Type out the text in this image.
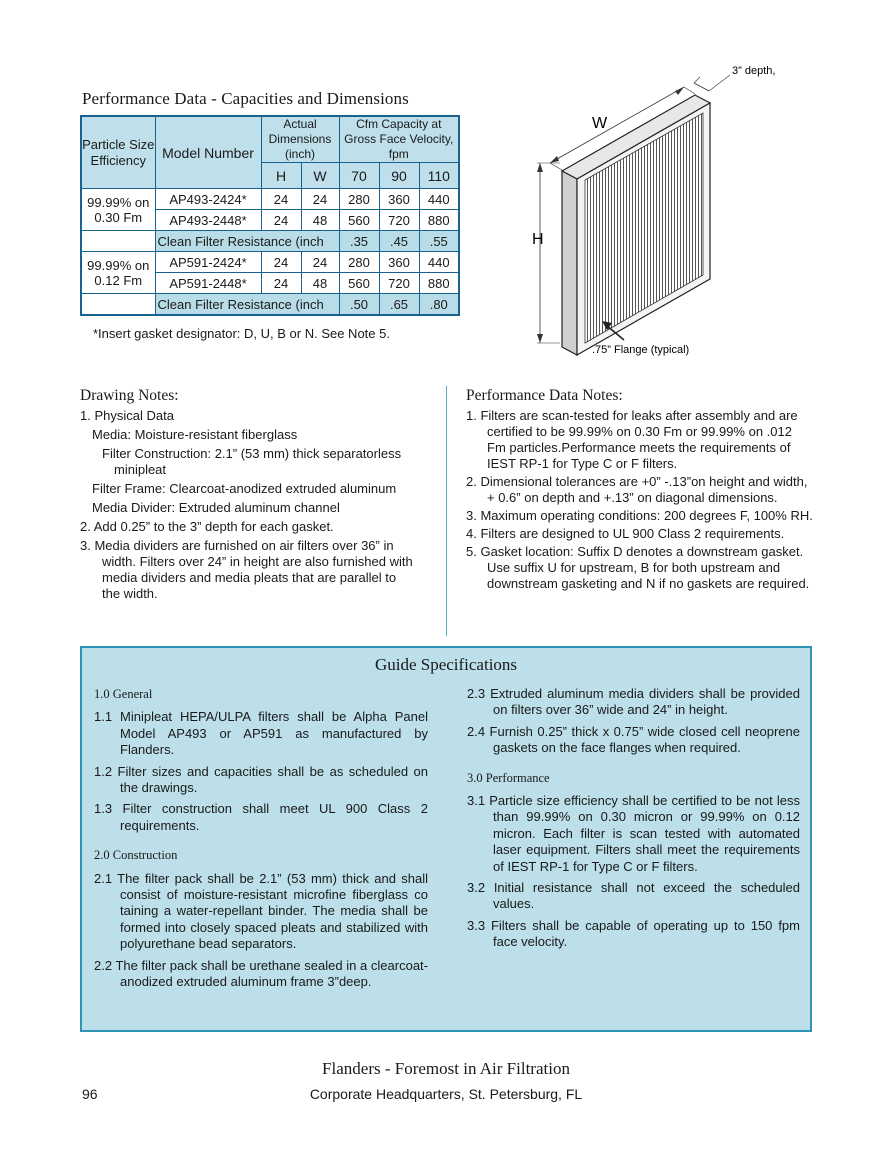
Performance Data - Capacities and Dimensions
Particle Size Efficiency	Model Number	Actual Dimensions (inch)		Cfm Capacity at Gross Face Velocity, fpm		
		H	W	70	90	110
99.99% on 0.30 Fm	AP493-2424*	24	24	280	360	440
	AP493-2448*	24	48	560	720	880
	Clean Filter Resistance (inch			.35	.45	.55
99.99% on 0.12 Fm	AP591-2424*	24	24	280	360	440
	AP591-2448*	24	48	560	720	880
	Clean Filter Resistance (inch			.50	.65	.80
*Insert gasket designator: D, U, B or N. See Note 5.
3” depth,
W
H
.75” Flange (typical)
Drawing Notes:

1. Physical Data

Media: Moisture-resistant fiberglass

Filter Construction: 2.1” (53 mm) thick separatorless minipleat

Filter Frame: Clearcoat-anodized extruded aluminum

Media Divider: Extruded aluminum channel

2. Add 0.25” to the 3” depth for each gasket.

3. Media dividers are furnished on air filters over 36” in width. Filters over 24” in height are also furnished with media dividers and media pleats that are parallel to the width.

Performance Data Notes:

1. Filters are scan-tested for leaks after assembly and are certified to be 99.99% on 0.30 Fm or 99.99% on .012 Fm particles.Performance meets the requirements of IEST RP-1 for Type C or F filters.

2. Dimensional tolerances are +0” -.13”on height and width, + 0.6” on depth and +.13” on diagonal dimensions.

3. Maximum operating conditions: 200 degrees F, 100% RH.

4. Filters are designed to UL 900 Class 2 requirements.

5. Gasket location: Suffix D denotes a downstream gasket. Use suffix U for upstream, B for both upstream and downstream gasketing and N if no gaskets are required.

Guide Specifications
1.0 General

1.1 Minipleat HEPA/ULPA filters shall be Alpha Panel Model AP493 or AP591 as manufactured by Flanders.

1.2 Filter sizes and capacities shall be as scheduled on the drawings.

1.3 Filter construction shall meet UL 900 Class 2 requirements.

2.0 Construction

2.1 The filter pack shall be 2.1” (53 mm) thick and shall consist of moisture-resistant microfine fiberglass co taining a water-repellant binder. The media shall be formed into closely spaced pleats and stabilized with polyurethane bead separators.

2.2 The filter pack shall be urethane sealed in a clearcoat-anodized extruded aluminum frame 3”deep.

2.3 Extruded aluminum media dividers shall be provided on filters over 36” wide and 24” in height.

2.4 Furnish 0.25” thick x 0.75” wide closed cell neoprene gaskets on the face flanges when required.

3.0 Performance

3.1 Particle size efficiency shall be certified to be not less than 99.99% on 0.30 micron or 99.99% on 0.12 micron. Each filter is scan tested with automated laser equipment. Filters shall meet the requirements of IEST RP-1 for Type C or F filters.

3.2 Initial resistance shall not exceed the scheduled values.

3.3 Filters shall be capable of operating up to 150 fpm face velocity.

Flanders - Foremost in Air Filtration
Corporate Headquarters, St. Petersburg, FL
96
